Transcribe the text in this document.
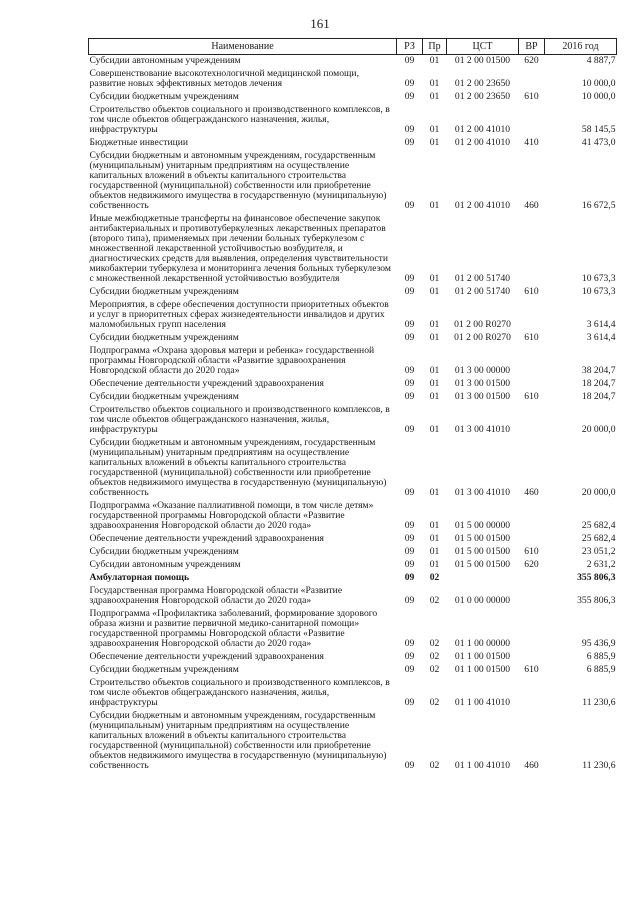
161
Наименование	РЗ	Пр	ЦСТ	ВР	2016 год
Субсидии автономным учреждениям	09	01	01 2 00 01500	620	4 887,7
Совершенствование высокотехнологичной медицинской помощи, развитие новых эффективных методов лечения	09	01	01 2 00 23650		10 000,0
Субсидии бюджетным учреждениям	09	01	01 2 00 23650	610	10 000,0
Строительство объектов социального и производственного комплексов, в том числе объектов общегражданского назначения, жилья, инфраструктуры	09	01	01 2 00 41010		58 145,5
Бюджетные инвестиции	09	01	01 2 00 41010	410	41 473,0
Субсидии бюджетным и автономным учреждениям, государственным (муниципальным) унитарным предприятиям на осуществление капитальных вложений в объекты капитального строительства государственной (муниципальной) собственности или приобретение объектов недвижимого имущества в государственную (муниципальную) собственность	09	01	01 2 00 41010	460	16 672,5
Иные межбюджетные трансферты на финансовое обеспечение закупок антибактериальных и противотуберкулезных лекарственных препаратов (второго типа), применяемых при лечении больных туберкулезом с множественной лекарственной устойчивостью возбудителя, и диагностических средств для выявления, определения чувствительности микобактерии туберкулеза и мониторинга лечения больных туберкулезом с множественной лекарственной устойчивостью возбудителя	09	01	01 2 00 51740		10 673,3
Субсидии бюджетным учреждениям	09	01	01 2 00 51740	610	10 673,3
Мероприятия, в сфере обеспечения доступности приоритетных объектов и услуг в приоритетных сферах жизнедеятельности инвалидов и других маломобильных групп населения	09	01	01 2 00 R0270		3 614,4
Субсидии бюджетным учреждениям	09	01	01 2 00 R0270	610	3 614,4
Подпрограмма «Охрана здоровья матери и ребенка» государственной программы Новгородской области «Развитие здравоохранения Новгородской области до 2020 года»	09	01	01 3 00 00000		38 204,7
Обеспечение деятельности учреждений здравоохранения	09	01	01 3 00 01500		18 204,7
Субсидии бюджетным учреждениям	09	01	01 3 00 01500	610	18 204,7
Строительство объектов социального и производственного комплексов, в том числе объектов общегражданского назначения, жилья, инфраструктуры	09	01	01 3 00 41010		20 000,0
Субсидии бюджетным и автономным учреждениям, государственным (муниципальным) унитарным предприятиям на осуществление капитальных вложений в объекты капитального строительства государственной (муниципальной) собственности или приобретение объектов недвижимого имущества в государственную (муниципальную) собственность	09	01	01 3 00 41010	460	20 000,0
Подпрограмма «Оказание паллиативной помощи, в том числе детям» государственной программы Новгородской области «Развитие здравоохранения Новгородской области до 2020 года»	09	01	01 5 00 00000		25 682,4
Обеспечение деятельности учреждений здравоохранения	09	01	01 5 00 01500		25 682,4
Субсидии бюджетным учреждениям	09	01	01 5 00 01500	610	23 051,2
Субсидии автономным учреждениям	09	01	01 5 00 01500	620	2 631,2
Амбулаторная помощь	09	02			355 806,3
Государственная программа Новгородской области «Развитие здравоохранения Новгородской области до 2020 года»	09	02	01 0 00 00000		355 806,3
Подпрограмма «Профилактика заболеваний, формирование здорового образа жизни и развитие первичной медико-санитарной помощи» государственной программы Новгородской области «Развитие здравоохранения Новгородской области до 2020 года»	09	02	01 1 00 00000		95 436,9
Обеспечение деятельности учреждений здравоохранения	09	02	01 1 00 01500		6 885,9
Субсидии бюджетным учреждениям	09	02	01 1 00 01500	610	6 885,9
Строительство объектов социального и производственного комплексов, в том числе объектов общегражданского назначения, жилья, инфраструктуры	09	02	01 1 00 41010		11 230,6
Субсидии бюджетным и автономным учреждениям, государственным (муниципальным) унитарным предприятиям на осуществление капитальных вложений в объекты капитального строительства государственной (муниципальной) собственности или приобретение объектов недвижимого имущества в государственную (муниципальную) собственность	09	02	01 1 00 41010	460	11 230,6
